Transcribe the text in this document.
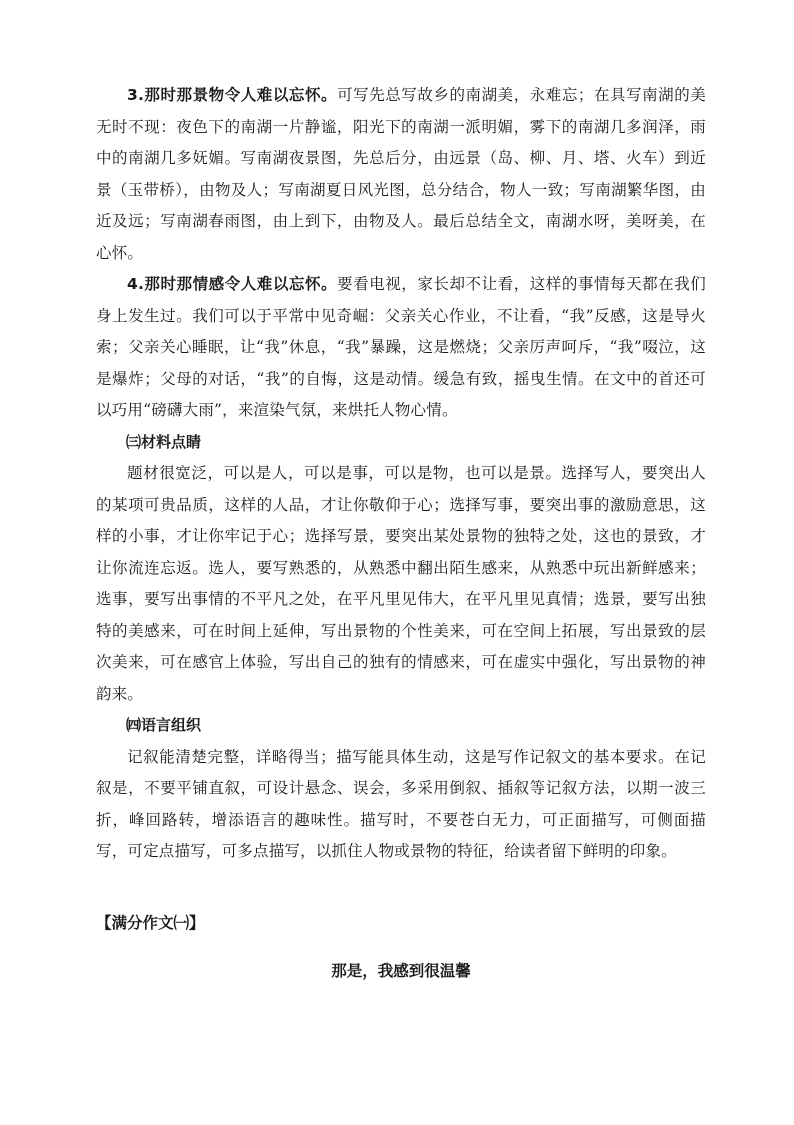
3.那时那景物令人难以忘怀。可写先总写故乡的南湖美，永难忘；在具写南湖的美无时不现：夜色下的南湖一片静谧，阳光下的南湖一派明媚，雾下的南湖几多润泽，雨中的南湖几多妩媚。写南湖夜景图，先总后分，由远景（岛、柳、月、塔、火车）到近景（玉带桥），由物及人；写南湖夏日风光图，总分结合，物人一致；写南湖繁华图，由近及远；写南湖春雨图，由上到下，由物及人。最后总结全文，南湖水呀，美呀美，在心怀。

4.那时那情感令人难以忘怀。要看电视，家长却不让看，这样的事情每天都在我们身上发生过。我们可以于平常中见奇崛：父亲关心作业，不让看，“我”反感，这是导火索；父亲关心睡眠，让“我”休息，“我”暴躁，这是燃烧；父亲厉声呵斥，“我”啜泣，这是爆炸；父母的对话，“我”的自悔，这是动情。缓急有致，摇曳生情。在文中的首还可以巧用“磅礴大雨”，来渲染气氛，来烘托人物心情。

㈢材料点睛

题材很宽泛，可以是人，可以是事，可以是物，也可以是景。选择写人，要突出人的某项可贵品质，这样的人品，才让你敬仰于心；选择写事，要突出事的激励意思，这样的小事，才让你牢记于心；选择写景，要突出某处景物的独特之处，这也的景致，才让你流连忘返。选人，要写熟悉的，从熟悉中翻出陌生感来，从熟悉中玩出新鲜感来；选事，要写出事情的不平凡之处，在平凡里见伟大，在平凡里见真情；选景，要写出独特的美感来，可在时间上延伸，写出景物的个性美来，可在空间上拓展，写出景致的层次美来，可在感官上体验，写出自己的独有的情感来，可在虚实中强化，写出景物的神韵来。

㈣语言组织

记叙能清楚完整，详略得当；描写能具体生动，这是写作记叙文的基本要求。在记叙是，不要平铺直叙，可设计悬念、误会，多采用倒叙、插叙等记叙方法，以期一波三折，峰回路转，增添语言的趣味性。描写时，不要苍白无力，可正面描写，可侧面描写，可定点描写，可多点描写，以抓住人物或景物的特征，给读者留下鲜明的印象。

【满分作文㈠】

那是，我感到很温馨
